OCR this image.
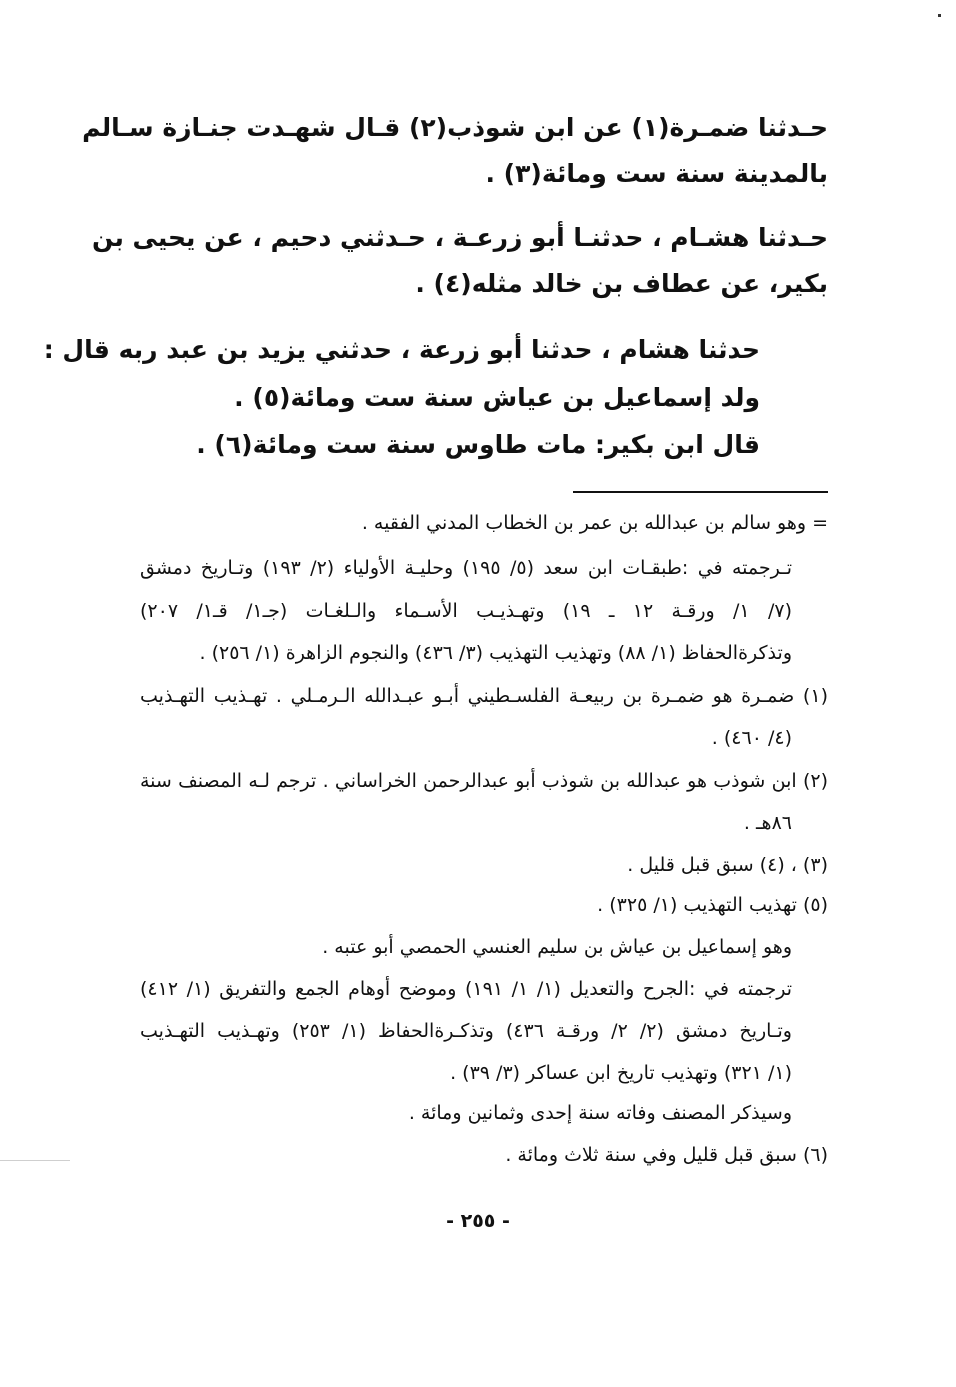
حـدثنا ضمـرة(١) عن ابن شوذب(٢) قـال شهـدت جنـازة سـالم
بالمدينة سنة ست ومائة(٣) .
حـدثنا هشـام ، حدثنـا أبو زرعـة ، حـدثني دحيم ، عن يحيى بن
بكير، عن عطاف بن خالد مثله(٤) .
حدثنا هشام ، حدثنا أبو زرعة ، حدثني يزيد بن عبد ربه قال :
ولد إسماعيل بن عياش سنة ست ومائة(٥) .
قال ابن بكير: مات طاوس سنة ست ومائة(٦) .
= وهو سالم بن عبدالله بن عمر بن الخطاب المدني الفقيه .
تـرجمته في :طبقـات ابن سعد (٥/ ١٩٥) وحليـة الأولياء (٢/ ١٩٣) وتـاريخ دمشق
(٧/ ١/ ورقـة ١٢ ـ ١٩) وتهـذيـب الأسـماء والـلغـات (جـ١/ قـ١/ ٢٠٧)
وتذكرةالحفاظ (١/ ٨٨) وتهذيب التهذيب (٣/ ٤٣٦) والنجوم الزاهرة (١/ ٢٥٦) .
(١) ضمـرة هو ضمـرة بن ربيعـة الفلسـطيني أبـو عبـدالله الـرمـلي . تهـذيب التهـذيب
(٤/ ٤٦٠) .
(٢) ابن شوذب هو عبدالله بن شوذب أبو عبدالرحمن الخراساني . ترجم لـه المصنف سنة
٨٦هـ .
(٣) ، (٤) سبق قبل قليل .
(٥) تهذيب التهذيب (١/ ٣٢٥) .
وهو إسماعيل بن عياش بن سليم العنسي الحمصي أبو عتبه .
ترجمته في :الجرح والتعديل (١/ ١/ ١٩١) وموضح أوهام الجمع والتفريق (١/ ٤١٢)
وتـاريخ دمشق (٢/ ٢/ ورقـة ٤٣٦) وتذكـرةالحفاظ (١/ ٢٥٣) وتهـذيب التهـذيب
(١/ ٣٢١) وتهذيب تاريخ ابن عساكر (٣/ ٣٩) .
وسيذكر المصنف وفاته سنة إحدى وثمانين ومائة .
(٦) سبق قبل قليل وفي سنة ثلاث ومائة .
- ٢٥٥ -
